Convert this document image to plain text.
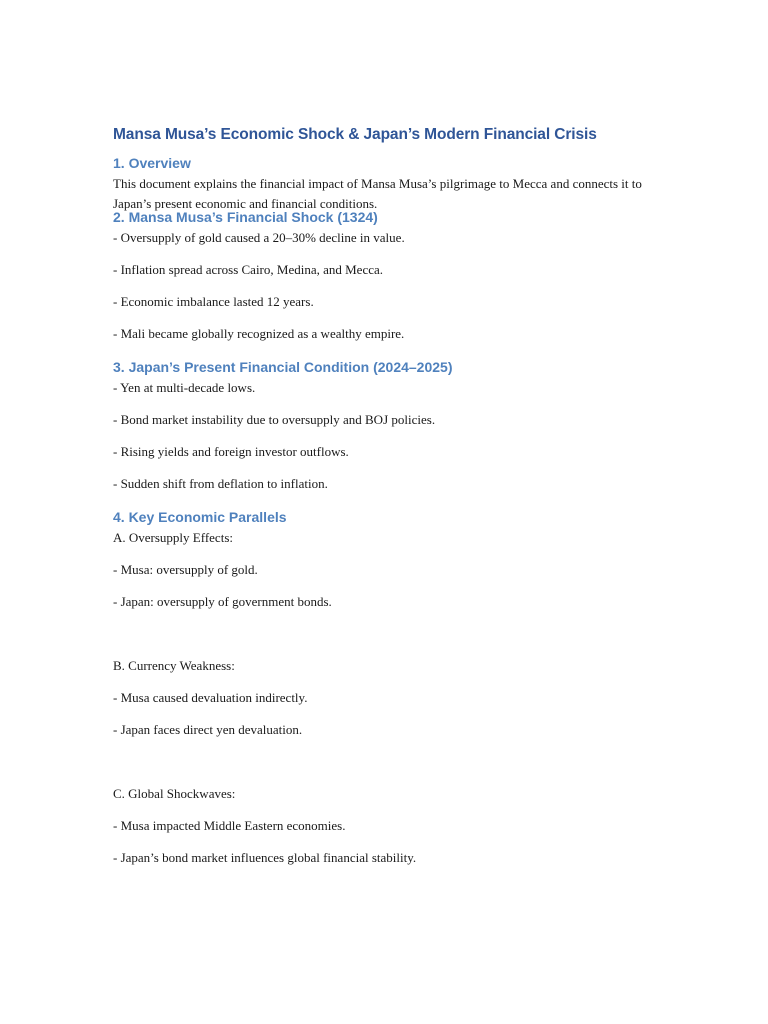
Mansa Musa’s Economic Shock & Japan’s Modern Financial Crisis
1. Overview

This document explains the financial impact of Mansa Musa’s pilgrimage to Mecca and connects it to Japan’s present economic and financial conditions.

2. Mansa Musa’s Financial Shock (1324)

- Oversupply of gold caused a 20–30% decline in value.

- Inflation spread across Cairo, Medina, and Mecca.

- Economic imbalance lasted 12 years.

- Mali became globally recognized as a wealthy empire.

3. Japan’s Present Financial Condition (2024–2025)

- Yen at multi-decade lows.

- Bond market instability due to oversupply and BOJ policies.

- Rising yields and foreign investor outflows.

- Sudden shift from deflation to inflation.

4. Key Economic Parallels

A. Oversupply Effects:

- Musa: oversupply of gold.

- Japan: oversupply of government bonds.

B. Currency Weakness:

- Musa caused devaluation indirectly.

- Japan faces direct yen devaluation.

C. Global Shockwaves:

- Musa impacted Middle Eastern economies.

- Japan’s bond market influences global financial stability.
